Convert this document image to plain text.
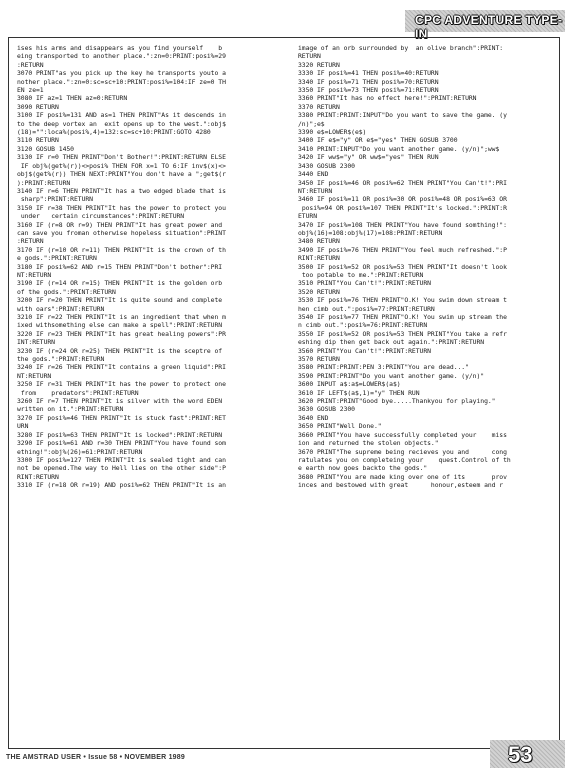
CPC ADVENTURE TYPE-IN
ises his arms and disappears as you find yourself    b
eing transported to another place.":zn=0:PRINT:posi%=29
:RETURN
3070 PRINT"as you pick up the key he transports youto a
nother place.":zn=0:sc=sc+10:PRINT:posi%=104:IF ze=0 TH
EN ze=1
3080 IF az=1 THEN az=0:RETURN
3090 RETURN
3100 IF posi%=131 AND as=1 THEN PRINT"As it descends in
to the deep vortex an  exit opens up to the west.":obj$
(18)="":loca%(posi%,4)=132:sc=sc+10:PRINT:GOTO 4280
3110 RETURN
3120 GOSUB 1450
3130 IF r=0 THEN PRINT"Don't Bother!":PRINT:RETURN ELSE
IF obj%(get%(r))<>posi% THEN FOR x=1 TO 6:IF inv$(x)<>
obj$(get%(r)) THEN NEXT:PRINT"You don't have a ";get$(r
):PRINT:RETURN
3140 IF r=6 THEN PRINT"It has a two edged blade that is
sharp":PRINT:RETURN
3150 IF r=38 THEN PRINT"It has the power to protect you
under   certain circumstances":PRINT:RETURN
3160 IF (r=8 OR r=9) THEN PRINT"It has great power and
can save you froman otherwise hopeless situation":PRINT
:RETURN
3170 IF (r=10 OR r=11) THEN PRINT"It is the crown of th
e gods.":PRINT:RETURN
3180 IF posi%=62 AND r=15 THEN PRINT"Don't bother":PRI
NT:RETURN
3190 IF (r=14 OR r=15) THEN PRINT"It is the golden orb
of the gods.":PRINT:RETURN
3200 IF r=20 THEN PRINT"It is quite sound and complete
with oars":PRINT:RETURN
3210 IF r=22 THEN PRINT"It is an ingredient that when m
ixed withsomething else can make a spell":PRINT:RETURN
3220 IF r=23 THEN PRINT"It has great healing powers":PR
INT:RETURN
3230 IF (r=24 OR r=25) THEN PRINT"It is the sceptre of
the gods.":PRINT:RETURN
3240 IF r=26 THEN PRINT"It contains a green liquid":PRI
NT:RETURN
3250 IF r=31 THEN PRINT"It has the power to protect one
from    predators":PRINT:RETURN
3260 IF r=7 THEN PRINT"It is silver with the word EDEN
written on it.":PRINT:RETURN
3270 IF posi%=46 THEN PRINT"It is stuck fast":PRINT:RET
URN
3280 IF posi%=63 THEN PRINT"It is locked":PRINT:RETURN
3290 IF posi%=61 AND r=30 THEN PRINT"You have found som
ething!":obj%(26)=61:PRINT:RETURN
3300 IF posi%=127 THEN PRINT"It is sealed tight and can
not be opened.The way to Hell lies on the other side":P
RINT:RETURN
3310 IF (r=18 OR r=19) AND posi%=62 THEN PRINT"It is an
image of an orb surrounded by  an olive branch":PRINT:
RETURN
3320 RETURN
3330 IF posi%=41 THEN posi%=40:RETURN
3340 IF posi%=71 THEN posi%=70:RETURN
3350 IF posi%=73 THEN posi%=71:RETURN
3360 PRINT"It has no effect here!":PRINT:RETURN
3370 RETURN
3380 PRINT:PRINT:INPUT"Do you want to save the game. (y
/n)";e$
3390 e$=LOWER$(e$)
3400 IF e$="y" OR e$="yes" THEN GOSUB 3700
3410 PRINT:INPUT"Do you want another game. (y/n)";ww$
3420 IF ww$="y" OR ww$="yes" THEN RUN
3430 GOSUB 2300
3440 END
3450 IF posi%=46 OR posi%=62 THEN PRINT"You Can't!":PRI
NT:RETURN
3460 IF posi%=11 OR posi%=30 OR posi%=48 OR posi%=63 OR
posi%=94 OR posi%=107 THEN PRINT"It's locked.":PRINT:R
ETURN
3470 IF posi%=108 THEN PRINT"You have found somthing!":
obj%(16)=108:obj%(17)=108:PRINT:RETURN
3480 RETURN
3490 IF posi%=76 THEN PRINT"You feel much refreshed.":P
RINT:RETURN
3500 IF posi%=52 OR posi%=53 THEN PRINT"It doesn't look
too potable to me.":PRINT:RETURN
3510 PRINT"You Can't!":PRINT:RETURN
3520 RETURN
3530 IF posi%=76 THEN PRINT"O.K! You swim down stream t
hen cimb out.":posi%=77:PRINT:RETURN
3540 IF posi%=77 THEN PRINT"O.K! You swim up stream the
n cimb out.":posi%=76:PRINT:RETURN
3550 IF posi%=52 OR posi%=53 THEN PRINT"You take a refr
eshing dip then get back out again.":PRINT:RETURN
3560 PRINT"You Can't!":PRINT:RETURN
3570 RETURN
3580 PRINT:PRINT:PEN 3:PRINT"You are dead..."
3590 PRINT:PRINT"Do you want another game. (y/n)"
3600 INPUT a$:a$=LOWER$(a$)
3610 IF LEFT$(a$,1)="y" THEN RUN
3620 PRINT:PRINT"Good bye.....Thankyou for playing."
3630 GOSUB 2300
3640 END
3650 PRINT"Well Done."
3660 PRINT"You have successfully completed your    miss
ion and returned the stolen objects."
3670 PRINT"The supreme being recieves you and      cong
ratulates you on completeing your    quest.Control of th
e earth now goes backto the gods."
3680 PRINT"You are made king over one of its       prov
inces and bestowed with great      honour,esteem and r
THE AMSTRAD USER • Issue 58 • NOVEMBER 1989	53
